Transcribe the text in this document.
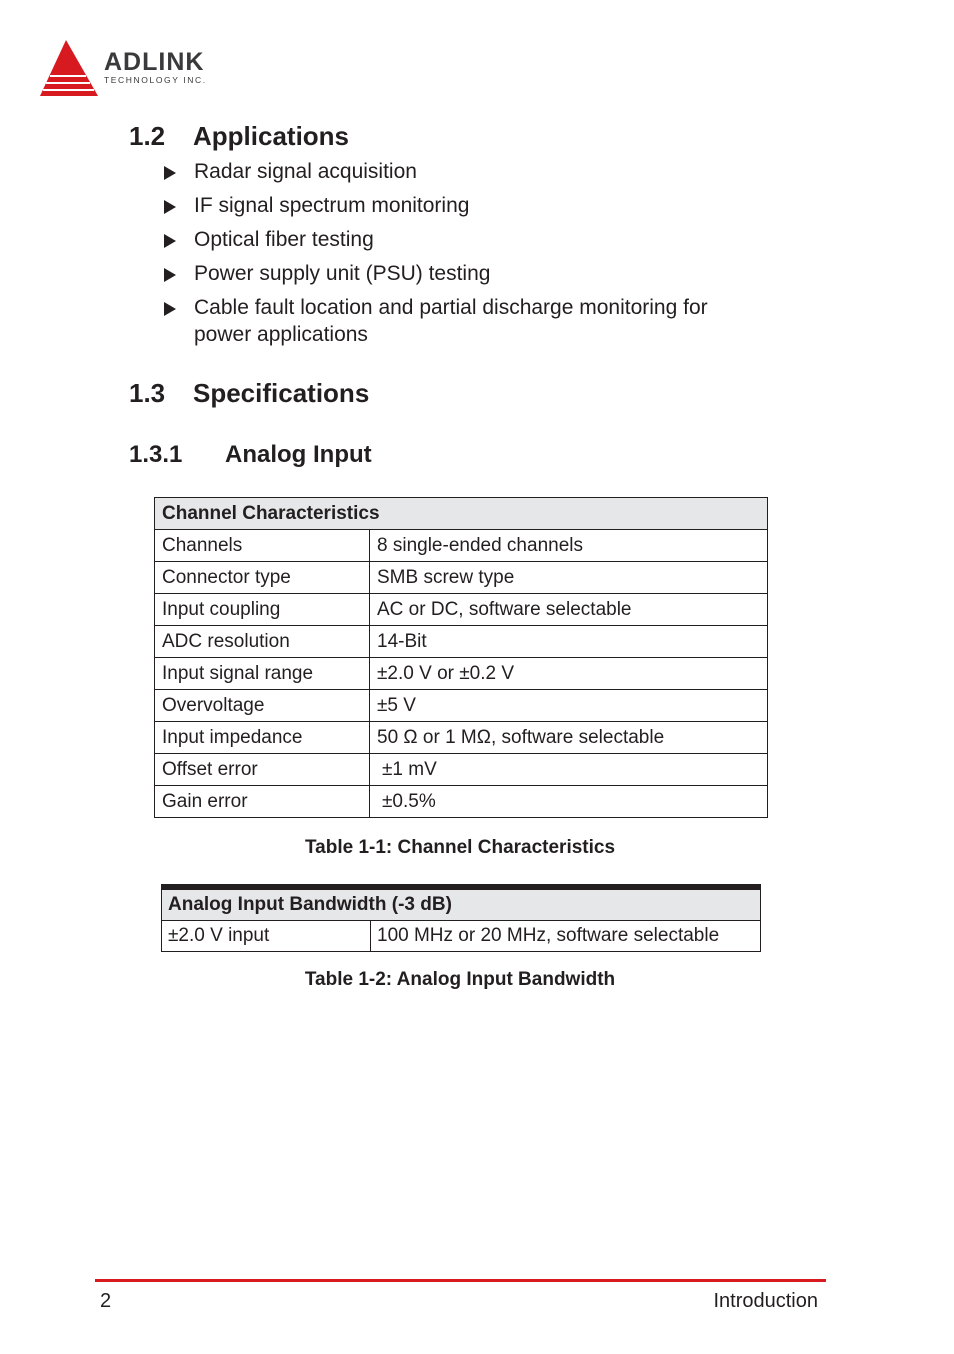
ADLINK
TECHNOLOGY INC.
1.2 Applications
Radar signal acquisition
IF signal spectrum monitoring
Optical fiber testing
Power supply unit (PSU) testing
Cable fault location and partial discharge monitoring for power applications
1.3 Specifications
1.3.1 Analog Input
Channel Characteristics	
Channels	8 single-ended channels
Connector type	SMB screw type
Input coupling	AC or DC, software selectable
ADC resolution	14-Bit
Input signal range	±2.0 V or ±0.2 V
Overvoltage	±5 V
Input impedance	50 Ω or 1 MΩ, software selectable
Offset error	±1 mV
Gain error	±0.5%
Table 1-1: Channel Characteristics
Analog Input Bandwidth (-3 dB)
±2.0 V input	100 MHz or 20 MHz, software selectable
Table 1-2: Analog Input Bandwidth
2	Introduction
